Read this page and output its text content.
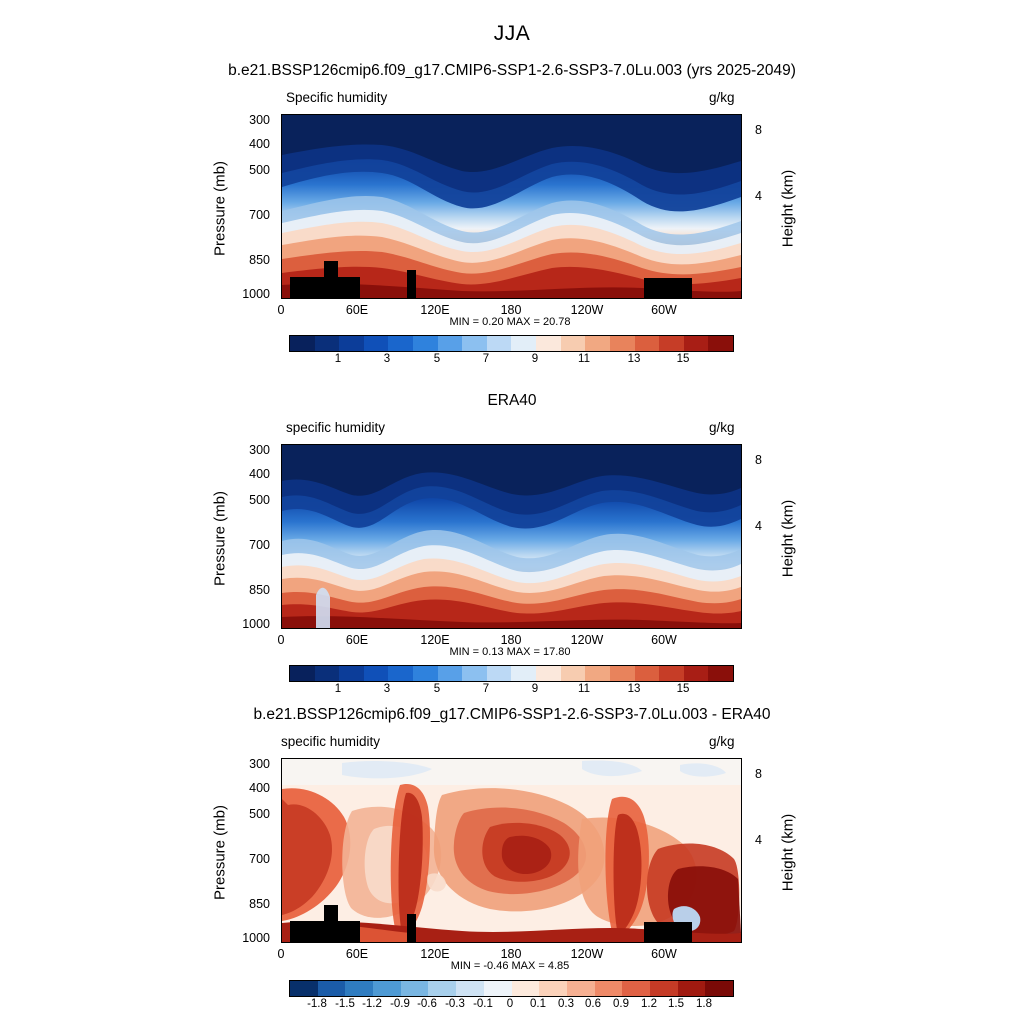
JJA
b.e21.BSSP126cmip6.f09_g17.CMIP6-SSP1-2.6-SSP3-7.0Lu.003 (yrs 2025-2049)
Specific humidity	g/kg
Pressure (mb)	Height (km)
300
400
500
700
850
1000
8
4
0	60E	120E	180	120W	60W
MIN = 0.20 MAX = 20.78
1	3	5	7	9	11	13	15
ERA40
specific humidity	g/kg
Pressure (mb)	Height (km)
300
400
500
700
850
1000
8
4
0	60E	120E	180	120W	60W
MIN = 0.13 MAX = 17.80
1	3	5	7	9	11	13	15
b.e21.BSSP126cmip6.f09_g17.CMIP6-SSP1-2.6-SSP3-7.0Lu.003 - ERA40
specific humidity	g/kg
Pressure (mb)	Height (km)
300
400
500
700
850
1000
8
4
0	60E	120E	180	120W	60W
MIN = -0.46 MAX = 4.85
-1.8 -1.5 -1.2 -0.9 -0.6 -0.3 -0.1 0 0.1 0.3 0.6 0.9 1.2 1.5 1.8
